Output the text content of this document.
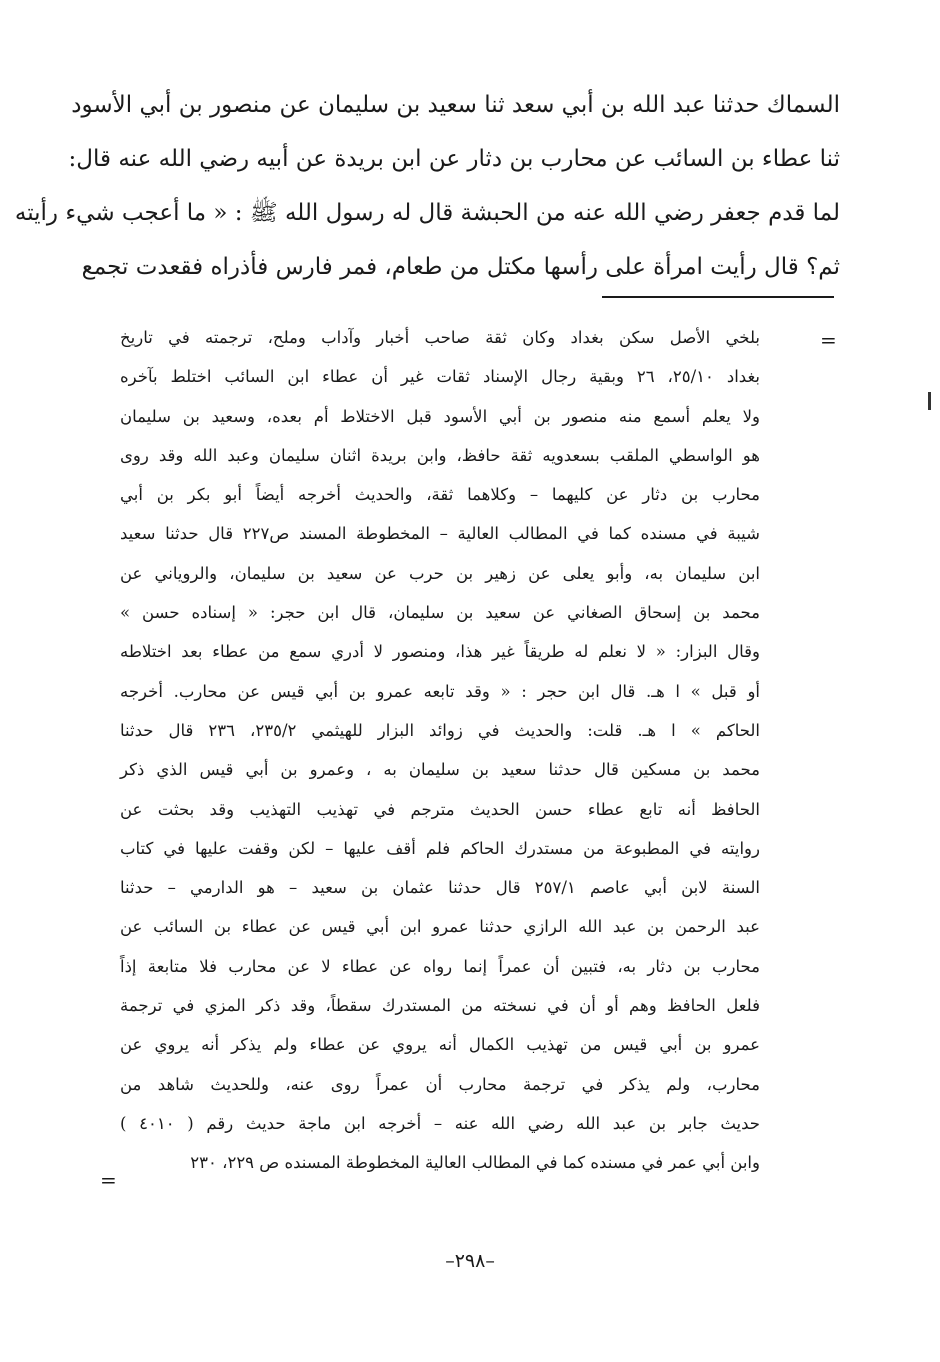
السماك حدثنا عبد الله بن أبي سعد ثنا سعيد بن سليمان عن منصور بن أبي الأسود
ثنا عطاء بن السائب عن محارب بن دثار عن ابن بريدة عن أبيه رضي الله عنه قال:
لما قدم جعفر رضي الله عنه من الحبشة قال له رسول الله ﷺ : « ما أعجب شيء رأيته
ثم؟ قال رأيت امرأة على رأسها مكتل من طعام، فمر فارس فأذراه فقعدت تجمع
=
بلخي الأصل سكن بغداد وكان ثقة صاحب أخبار وآداب وملح، ترجمته في تاريخ
بغداد ٢٥/١٠، ٢٦ وبقية رجال الإسناد ثقات غير أن عطاء ابن السائب اختلط بآخره
ولا يعلم أسمع منه منصور بن أبي الأسود قبل الاختلاط أم بعده، وسعيد بن سليمان
هو الواسطي الملقب بسعدويه ثقة حافظ، وابن بريدة اثنان سليمان وعبد الله وقد روى
محارب بن دثار عن كليهما – وكلاهما ثقة، والحديث أخرجه أيضاً أبو بكر بن أبي
شيبة في مسنده كما في المطالب العالية – المخطوطة المسند ص٢٢٧ قال حدثنا سعيد
ابن سليمان به، وأبو يعلى عن زهير بن حرب عن سعيد بن سليمان، والروياني عن
محمد بن إسحاق الصغاني عن سعيد بن سليمان، قال ابن حجر: « إسناده حسن »
وقال البزار: « لا نعلم له طريقاً غير هذا، ومنصور لا أدري سمع من عطاء بعد اختلاطه
أو قبل » ا هـ. قال ابن حجر : « وقد تابعه عمرو بن أبي قيس عن محارب. أخرجه
الحاكم » ا هـ. قلت: والحديث في زوائد البزار للهيثمي ٢٣٥/٢، ٢٣٦ قال حدثنا
محمد بن مسكين قال حدثنا سعيد بن سليمان به ، وعمرو بن أبي قيس الذي ذكر
الحافظ أنه تابع عطاء حسن الحديث مترجم في تهذيب التهذيب وقد بحثت عن
روايته في المطبوعة من مستدرك الحاكم فلم أقف عليها – لكن وقفت عليها في كتاب
السنة لابن أبي عاصم ٢٥٧/١ قال حدثنا عثمان بن سعيد – هو الدارمي – حدثنا
عبد الرحمن بن عبد الله الرازي حدثنا عمرو ابن أبي قيس عن عطاء بن السائب عن
محارب بن دثار به، فتبين أن عمراً إنما رواه عن عطاء لا عن محارب فلا متابعة إذاً
فلعل الحافظ وهم أو أن في نسخته من المستدرك سقطاً، وقد ذكر المزي في ترجمة
عمرو بن أبي قيس من تهذيب الكمال أنه يروي عن عطاء ولم يذكر أنه يروي عن
محارب، ولم يذكر في ترجمة محارب أن عمراً روى عنه، وللحديث شاهد من
حديث جابر بن عبد الله رضي الله عنه – أخرجه ابن ماجة حديث رقم ( ٤٠١٠ )
وابن أبي عمر في مسنده كما في المطالب العالية المخطوطة المسنده ص ٢٢٩، ٢٣٠
=
–٢٩٨–
